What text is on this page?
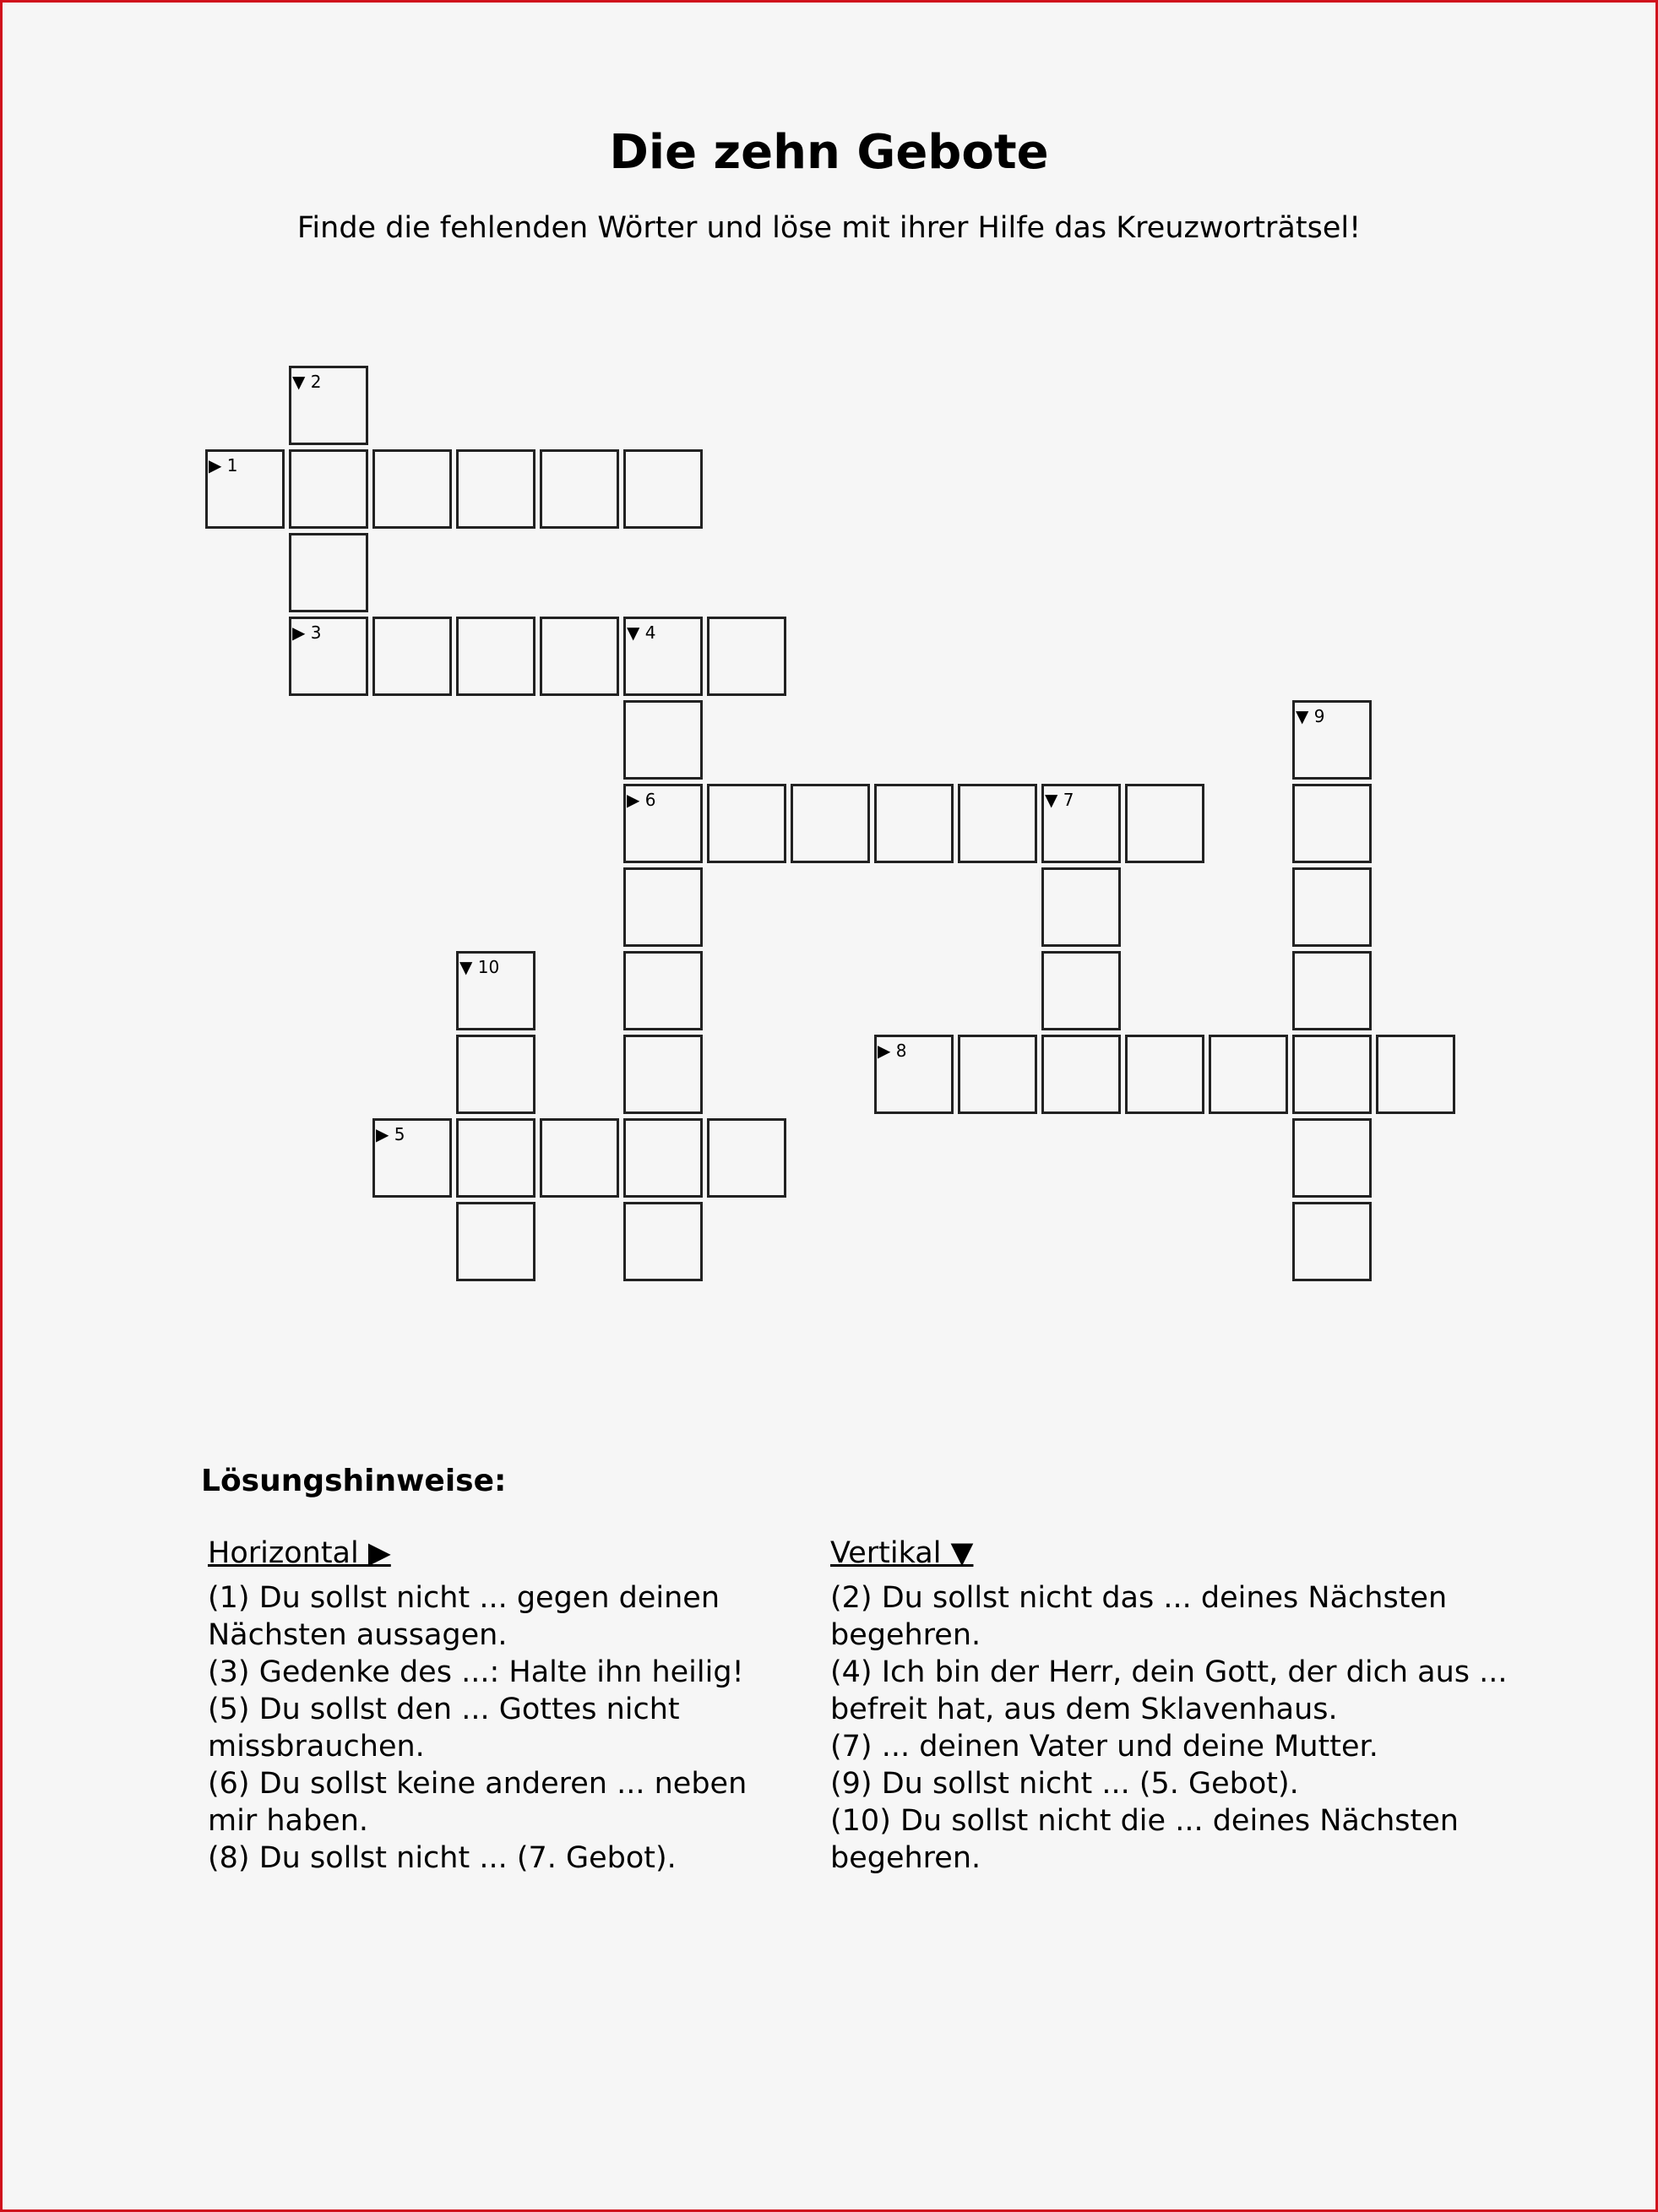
Die zehn Gebote
Finde die fehlenden Wörter und löse mit ihrer Hilfe das Kreuzworträtsel!
▶ 1
▼ 2
▶ 3	▼ 4
▶ 6
▶ 5
▼ 7
▶ 8
▼ 9
▼ 10
Lösungshinweise:
Horizontal ▶
(1) Du sollst nicht ... gegen deinen Nächsten aussagen.
(3) Gedenke des ...: Halte ihn heilig!
(5) Du sollst den ... Gottes nicht missbrauchen.
(6) Du sollst keine anderen ... neben mir haben.
(8) Du sollst nicht ... (7. Gebot).
Vertikal ▼
(2) Du sollst nicht das ... deines Nächsten begehren.
(4) Ich bin der Herr, dein Gott, der dich aus ... befreit hat, aus dem Sklavenhaus.
(7) ... deinen Vater und deine Mutter.
(9) Du sollst nicht ... (5. Gebot).
(10) Du sollst nicht die ... deines Nächsten begehren.
